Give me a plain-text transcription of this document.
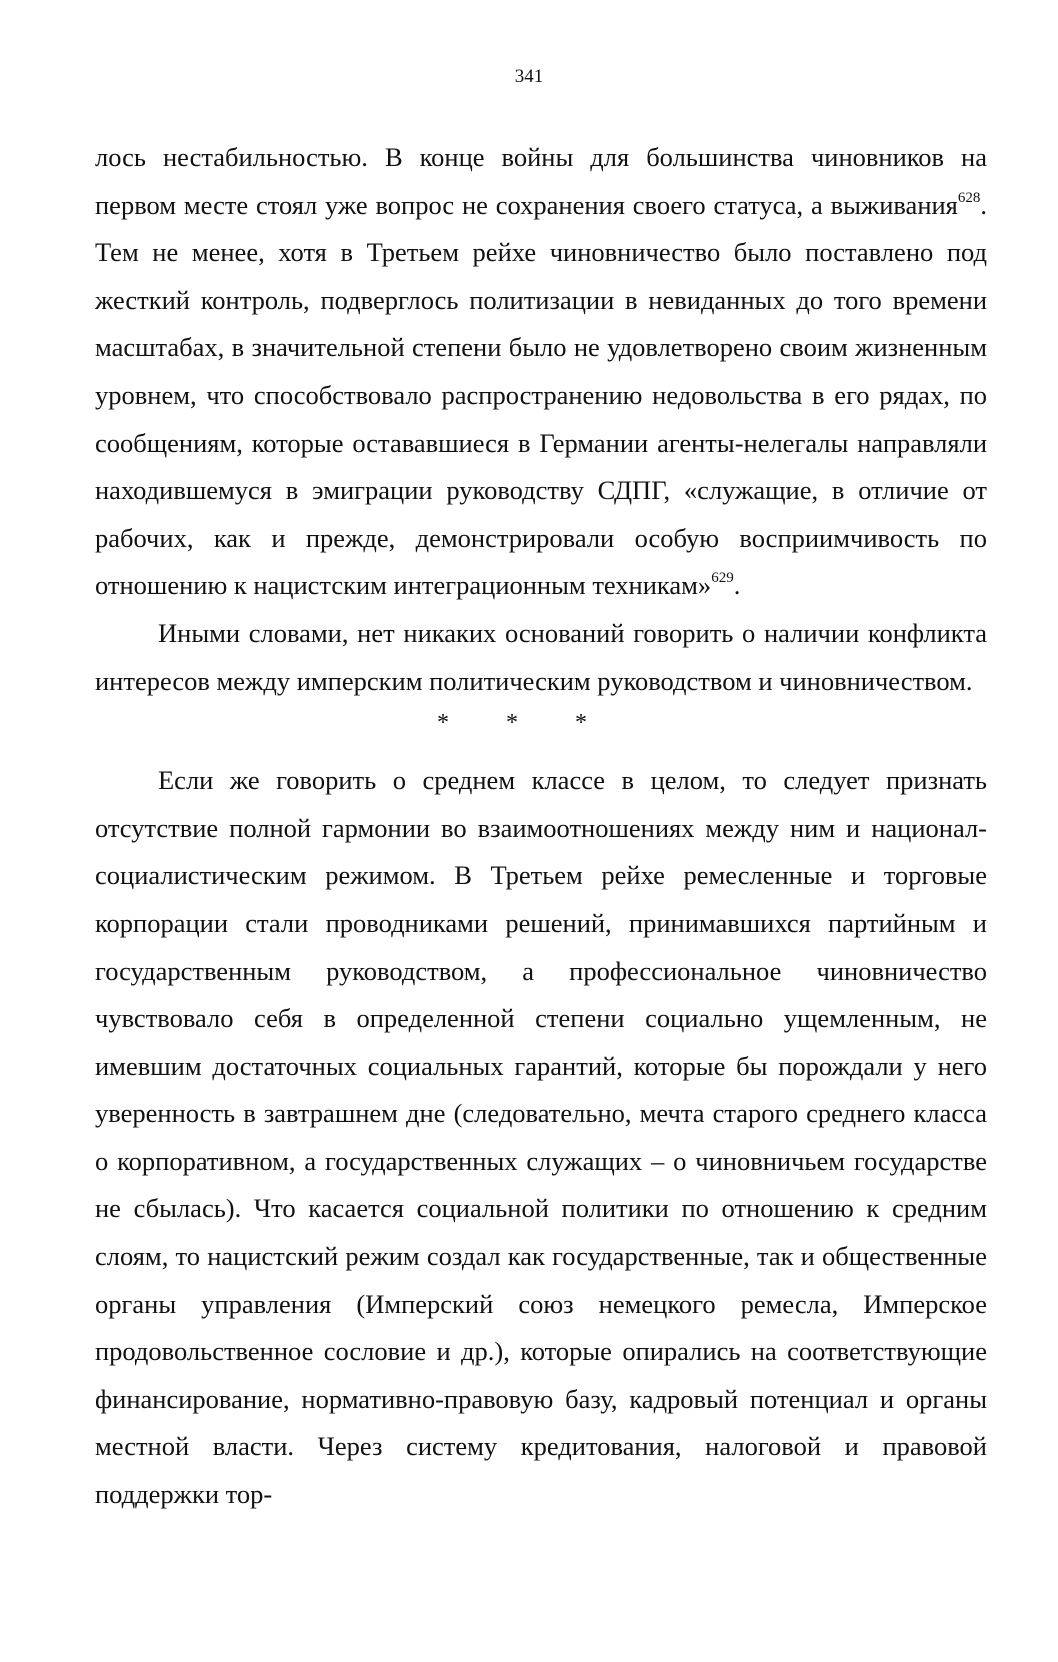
341

лось нестабильностью. В конце войны для большинства чиновников на первом месте стоял уже вопрос не сохранения своего статуса, а выживания$^{628}$. Тем не менее, хотя в Третьем рейхе чиновничество было поставлено под жесткий контроль, подверглось политизации в невиданных до того времени масштабах, в значительной степени было не удовлетворено своим жизненным уровнем, что способствовало распространению недовольства в его рядах, по сообщениям, которые остававшиеся в Германии агенты-нелегалы направляли находившемуся в эмиграции руководству СДПГ, «служащие, в отличие от рабочих, как и прежде, демонстрировали особую восприимчивость по отношению к нацистским интеграционным техникам»$^{629}$.

Иными словами, нет никаких оснований говорить о наличии конфликта интересов между имперским политическим руководством и чиновничеством.

* * *

Если же говорить о среднем классе в целом, то следует признать отсутствие полной гармонии во взаимоотношениях между ним и национал-социалистическим режимом. В Третьем рейхе ремесленные и торговые корпорации стали проводниками решений, принимавшихся партийным и государственным руководством, а профессиональное чиновничество чувствовало себя в определенной степени социально ущемленным, не имевшим достаточных социальных гарантий, которые бы порождали у него уверенность в завтрашнем дне (следовательно, мечта старого среднего класса о корпоративном, а государственных служащих – о чиновничьем государстве не сбылась). Что касается социальной политики по отношению к средним слоям, то нацистский режим создал как государственные, так и общественные органы управления (Имперский союз немецкого ремесла, Имперское продовольственное сословие и др.), которые опирались на соответствующие финансирование, нормативно-правовую базу, кадровый потенциал и органы местной власти. Через систему кредитования, налоговой и правовой поддержки тор-
